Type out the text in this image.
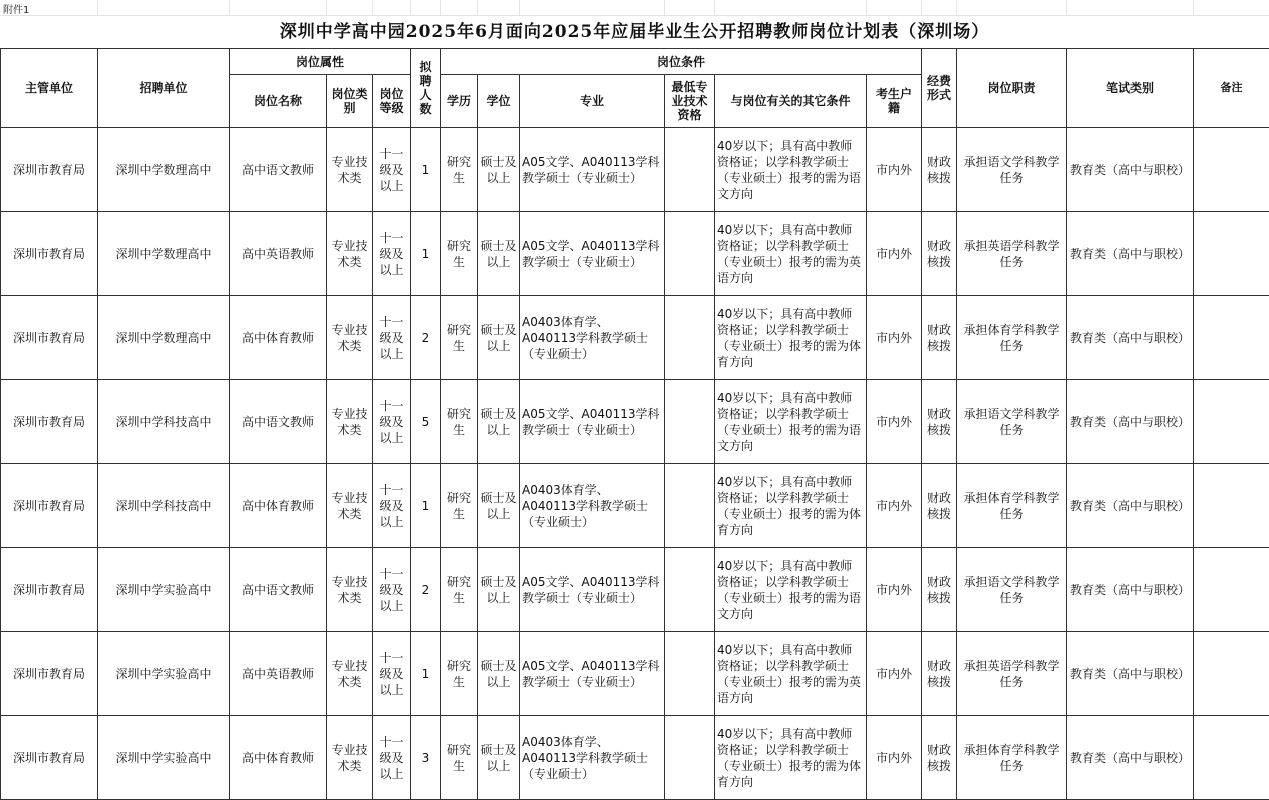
附件1
深圳中学高中园2025年6月面向2025年应届毕业生公开招聘教师岗位计划表（深圳场）
主管单位	招聘单位	岗位属性			拟聘人数	岗位条件						经费形式	岗位职责	笔试类别	备注
		岗位名称	岗位类别	岗位等级		学历	学位	专业	最低专业技术资格	与岗位有关的其它条件	考生户籍				
深圳市教育局	深圳中学数理高中	高中语文教师	专业技术类	十一级及以上	1	研究生	硕士及以上	A05文学、A040113学科教学硕士（专业硕士）		40岁以下；具有高中教师资格证；以学科教学硕士（专业硕士）报考的需为语文方向	市内外	财政核拨	承担语文学科教学任务	教育类（高中与职校）	
深圳市教育局	深圳中学数理高中	高中英语教师	专业技术类	十一级及以上	1	研究生	硕士及以上	A05文学、A040113学科教学硕士（专业硕士）		40岁以下；具有高中教师资格证；以学科教学硕士（专业硕士）报考的需为英语方向	市内外	财政核拨	承担英语学科教学任务	教育类（高中与职校）	
深圳市教育局	深圳中学数理高中	高中体育教师	专业技术类	十一级及以上	2	研究生	硕士及以上	A0403体育学、A040113学科教学硕士（专业硕士）		40岁以下；具有高中教师资格证；以学科教学硕士（专业硕士）报考的需为体育方向	市内外	财政核拨	承担体育学科教学任务	教育类（高中与职校）	
深圳市教育局	深圳中学科技高中	高中语文教师	专业技术类	十一级及以上	5	研究生	硕士及以上	A05文学、A040113学科教学硕士（专业硕士）		40岁以下；具有高中教师资格证；以学科教学硕士（专业硕士）报考的需为语文方向	市内外	财政核拨	承担语文学科教学任务	教育类（高中与职校）	
深圳市教育局	深圳中学科技高中	高中体育教师	专业技术类	十一级及以上	1	研究生	硕士及以上	A0403体育学、A040113学科教学硕士（专业硕士）		40岁以下；具有高中教师资格证；以学科教学硕士（专业硕士）报考的需为体育方向	市内外	财政核拨	承担体育学科教学任务	教育类（高中与职校）	
深圳市教育局	深圳中学实验高中	高中语文教师	专业技术类	十一级及以上	2	研究生	硕士及以上	A05文学、A040113学科教学硕士（专业硕士）		40岁以下；具有高中教师资格证；以学科教学硕士（专业硕士）报考的需为语文方向	市内外	财政核拨	承担语文学科教学任务	教育类（高中与职校）	
深圳市教育局	深圳中学实验高中	高中英语教师	专业技术类	十一级及以上	1	研究生	硕士及以上	A05文学、A040113学科教学硕士（专业硕士）		40岁以下；具有高中教师资格证；以学科教学硕士（专业硕士）报考的需为英语方向	市内外	财政核拨	承担英语学科教学任务	教育类（高中与职校）	
深圳市教育局	深圳中学实验高中	高中体育教师	专业技术类	十一级及以上	3	研究生	硕士及以上	A0403体育学、A040113学科教学硕士（专业硕士）		40岁以下；具有高中教师资格证；以学科教学硕士（专业硕士）报考的需为体育方向	市内外	财政核拨	承担体育学科教学任务	教育类（高中与职校）	
